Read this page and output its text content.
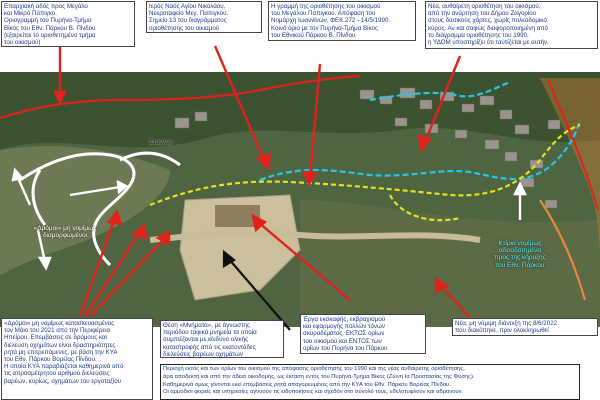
Σταυλος
«Δρόμοι» μη νομίμως
διαμορφωμένοι
Κτίρια νομίμως
αδειοδοτημένα
προς της κήρυξης
του Εθν. Πάρκου
Επαρχιακή οδός προς Μεγάλο
και Μικρό Πάπιγκο.
Οριογραμμή του Πυρήνα-Τμήμα
Βίκος του Εθν. Πάρκου Β. Πίνδου
(εξαιρείται το οριοθετημένο τμήμα
του οικισμού)
Ιερός Ναός Αγίου Νικολάου,
Νεκροταφείο Μεγ. Παπιγκου.
Σημείο 13 του διαγράμματος
οριοθέτησης του οικισμού
Η γραμμή της οριοθέτησης του οικισμού
του Μεγάλου Παπιγκου. Απόφαση του
Νομάρχη Ιωαννίνων, ΦΕΚ 272 - 14/5/1990.
Κοινό όριο με τον Πυρήνα-Τμήμα Βίκος
του Εθνικού Πάρκου Β. Πίνδου
Νέα, αυθαίρετη οριοθέτηση του οικισμού,
από την ανάρτηση του Δήμου Ζαγορίου
στους δασικούς χάρτες, χωρίς πολεοδομικό
κύρος. Αν και σαφώς διαφοροποιημένη από
το διάγραμμα οριοθέτησης του 1990,
η ΥΔΟΜ υποστηρίζει ότι ταυτίζεται με αυτήν.
«Δρόμοι» μη νομίμως κατασκευασμένος
τον Μάιο του 2021 από την Περιφέρεια
Ηπείρου. Επεμβάσεις σε δρόμους και
διέλευση οχημάτων είναι δραστηριότητες
ρητά μη επιτρεπόμενες, με βάση την ΚΥΑ
του Εθν. Πάρκου Βορείας Πίνδου.
Η οποία ΚΥΑ παραβιάζεται καθημερινά από
τις απροσμέτρητου αριθμού διελεύσεις
βαρέων, κυρίως, οχημάτων του εργοταξίου
Θέση «Μνήματα», με άγνωστης
περιόδου ταφικά μνημεία τα οποία
συμπιέζονται με κίνδυνο ολικής
καταστροφής από τις εκατοντάδες
διελεύσεις βαρέων οχημάτων
Έργα εκσκαφής, εκβραχισμού
και εφαρμογής πολλών τόνων
σκυροδέματος. ΕΚΤΟΣ ορίων
του οικισμού και ΕΝΤΟΣ των
ορίων του Πυρήνα του Πάρκου
Νέα, μη νόμιμη διάνοιξη της 8/6/2022
που διακόπηκε, πριν ολοκληρωθεί
Περιοχή εκτός και των ορίων του οικισμού της απόφασης οριοθέτησης του 1990 και της νέας αυθαίρετης οριοθέτησης,
άρα αποδεκτή και από την άδεια οικοδομής, ως έκταση εντός του Πυρήνα-Τμήμα Βίκος (Ζώνη Ια Προστασίας της Φύσης).
Καθημερινά όμως γίνονται εκεί επεμβάσεις ρητά απαγορευμένες από την ΚΥΑ του Εθν. Πάρκου Βορείας Πίνδου.
Οι αρμόδιοι φορείς και υπηρεσίες αγνοούν τις ειδοποιήσεις και σχεδόν στο σύνολό τους, εθελοτυφλούν και αδρανούν.
